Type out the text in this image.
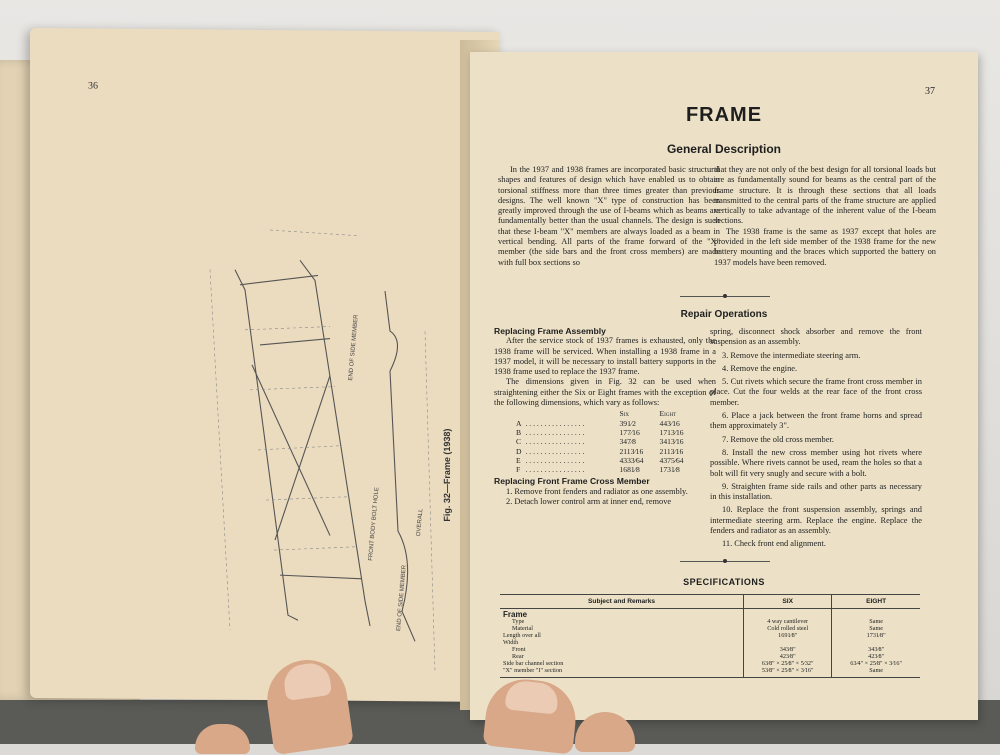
36
END OF SIDE MEMBER
FRONT BODY BOLT HOLE	OVERALL
END OF SIDE MEMBER
Fig. 32—Frame (1938)
37
FRAME
General Description

In the 1937 and 1938 frames are incorporated basic structural shapes and features of design which have enabled us to obtain torsional stiffness more than three times greater than previous designs. The well known "X" type of construction has been greatly improved through the use of I-beams which as beams are fundamentally better than the usual channels. The design is such that these I-beam "X" members are always loaded as a beam in vertical bending. All parts of the frame forward of the "X" member (the side bars and the front cross members) are made with full box sections so

that they are not only of the best design for all torsional loads but are as fundamentally sound for beams as the central part of the frame structure. It is through these sections that all loads transmitted to the central parts of the frame structure are applied vertically to take advantage of the inherent value of the I-beam sections.

The 1938 frame is the same as 1937 except that holes are provided in the left side member of the 1938 frame for the new battery mounting and the braces which supported the battery on 1937 models have been removed.

Repair Operations
Replacing Frame Assembly

After the service stock of 1937 frames is exhausted, only the 1938 frame will be serviced. When installing a 1938 frame in a 1937 model, it will be necessary to install battery supports in the 1938 frame used to replace the 1937 frame.

The dimensions given in Fig. 32 can be used when straightening either the Six or Eight frames with the exception of the following dimensions, which vary as follows:

		Six	Eight
A	. . . . . . . . . . . . . . . .	391⁄2	443⁄16
B	. . . . . . . . . . . . . . . .	177⁄16	1713⁄16
C	. . . . . . . . . . . . . . . .	347⁄8	3413⁄16
D	. . . . . . . . . . . . . . . .	2113⁄16	2113⁄16
E	. . . . . . . . . . . . . . . .	4333⁄64	4375⁄64
F	. . . . . . . . . . . . . . . .	1681⁄8	1731⁄8
Replacing Front Frame Cross Member

1. Remove front fenders and radiator as one assembly.

2. Detach lower control arm at inner end, remove

spring, disconnect shock absorber and remove the front suspension as an assembly.

3. Remove the intermediate steering arm.

4. Remove the engine.

5. Cut rivets which secure the frame front cross member in place. Cut the four welds at the rear face of the front cross member.

6. Place a jack between the front frame horns and spread them approximately 3".

7. Remove the old cross member.

8. Install the new cross member using hot rivets where possible. Where rivets cannot be used, ream the holes so that a bolt will fit very snugly and secure with a bolt.

9. Straighten frame side rails and other parts as necessary in this installation.

10. Replace the front suspension assembly, springs and intermediate steering arm. Replace the engine. Replace the fenders and radiator as an assembly.

11. Check front end alignment.

SPECIFICATIONS
Subject and Remarks	SIX	EIGHT
Frame		
Type	4 way cantilever	Same
Material	Cold rolled steel	Same
Length over all	1691⁄8"	1731⁄8"
Width		
Front	343⁄8"	343⁄8"
Rear	423⁄8"	423⁄8"
Side bar channel section	63⁄8" × 25⁄8" × 5⁄32"	63⁄4" × 25⁄8" × 3⁄16"
"X" member "I" section	53⁄8" × 25⁄8" × 3⁄16"	Same
